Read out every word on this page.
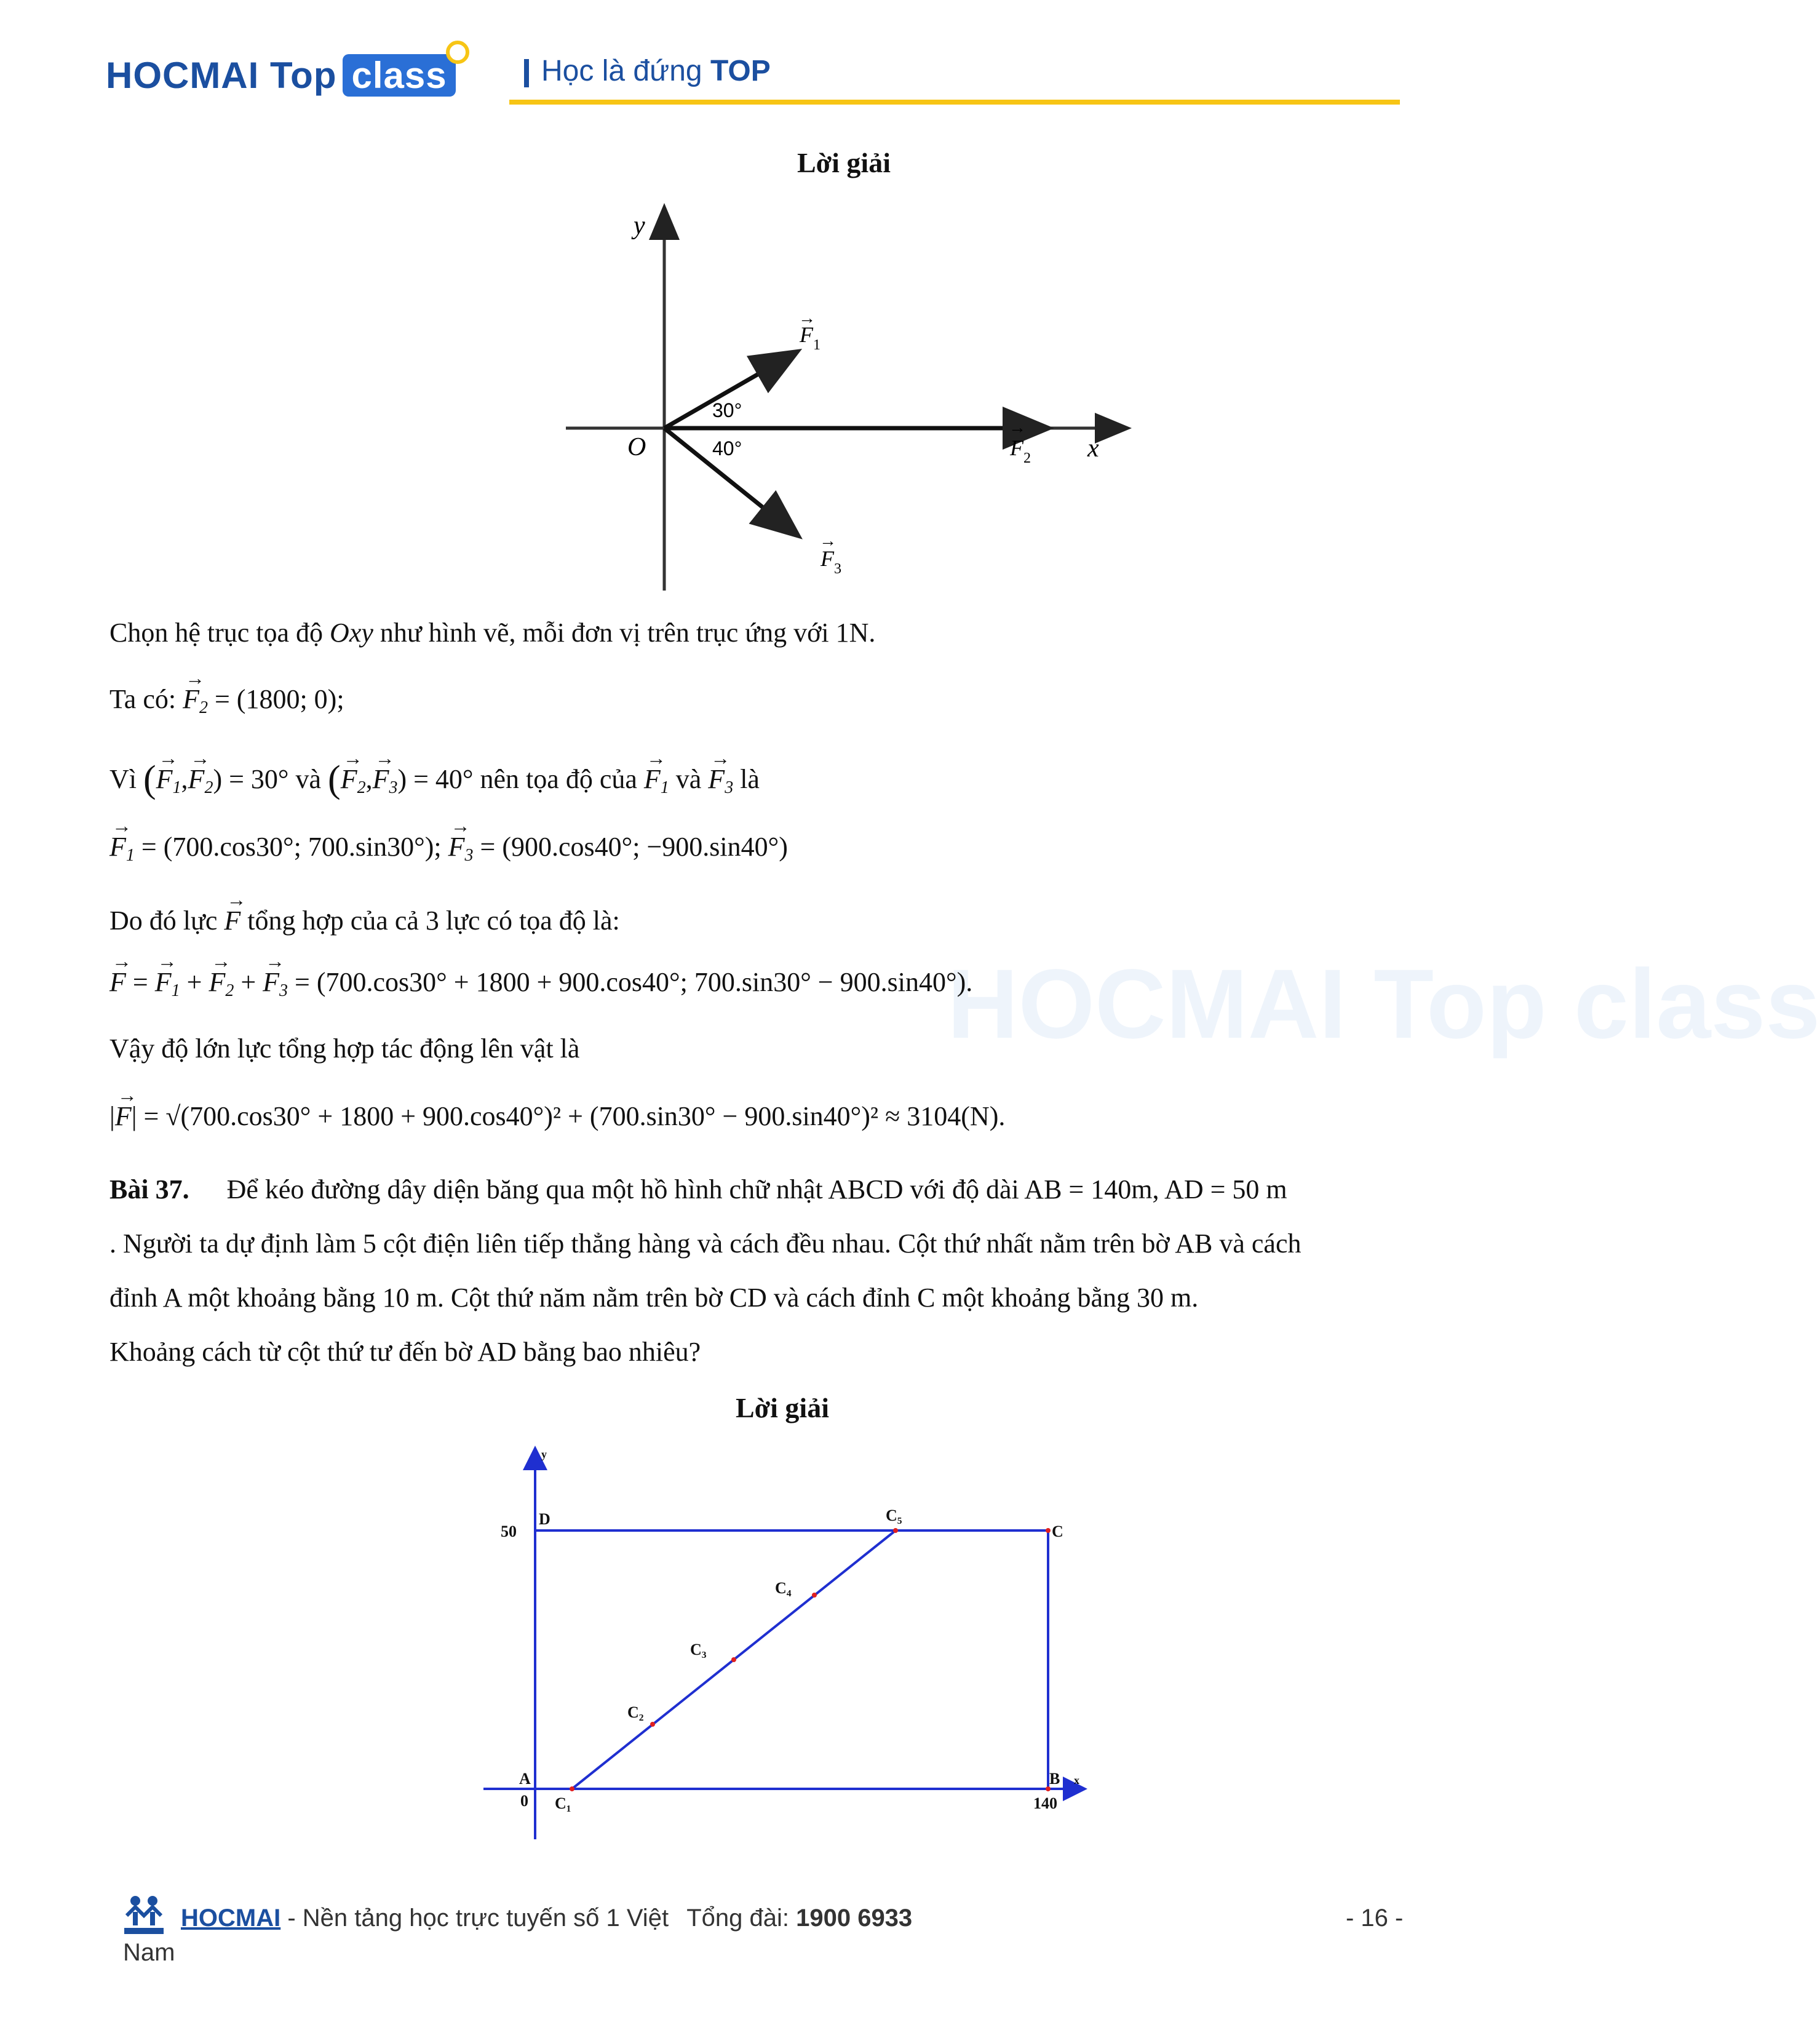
HOCMAI Top class	Học là đứng TOP
HOCMAI Top class
Lời giải
y
x
O
30°
40°
→
F 1
→
F 2
→
F 3
Chọn hệ trục tọa độ Oxy như hình vẽ, mỗi đơn vị trên trục ứng với 1N.
Ta có: → $F_2 = (1800$; 0);
Vì (→ $F_1,\to F_2) = 30^\circ$ và (→ $F_2,\to F_3) = 40^\circ$ nên tọa độ của → $F_1$ và → $F_3$ là
→ $F_1 = (700.\cos 30^\circ$; 700.sin30°); → $F_3 = (900.\cos 40^\circ$; −900.sin40°)
Do đó lực → F tổng hợp của cả 3 lực có tọa độ là:
→ F = → $F_1$ + → $F_2$ + → $F_3 = (700.\cos 30^\circ + 1800 + 900.\cos 40^\circ$; 700.sin30° − 900.sin40°).
Vậy độ lớn lực tổng hợp tác động lên vật là
|→ F| = √(700.cos30° + 1800 + 900.cos40°)² + (700.sin30° − 900.sin40°)² ≈ 3104(N).
Bài 37. Để kéo đường dây diện băng qua một hồ hình chữ nhật ABCD với độ dài AB = 140m, AD = 50 m
. Người ta dự định làm 5 cột điện liên tiếp thẳng hàng và cách đều nhau. Cột thứ nhất nằm trên bờ AB và cách
đỉnh A một khoảng bằng 10 m. Cột thứ năm nằm trên bờ CD và cách đỉnh C một khoảng bằng 30 m.
Khoảng cách từ cột thứ tư đến bờ AD bằng bao nhiêu?
Lời giải
y
x
D
50	C
A
0
B
140
C₁
C₂
C₃
C₄
C₅
HOCMAI - Nền tảng học trực tuyến số 1 Việt Tổng đài: 1900 6933	- 16 -
Nam
